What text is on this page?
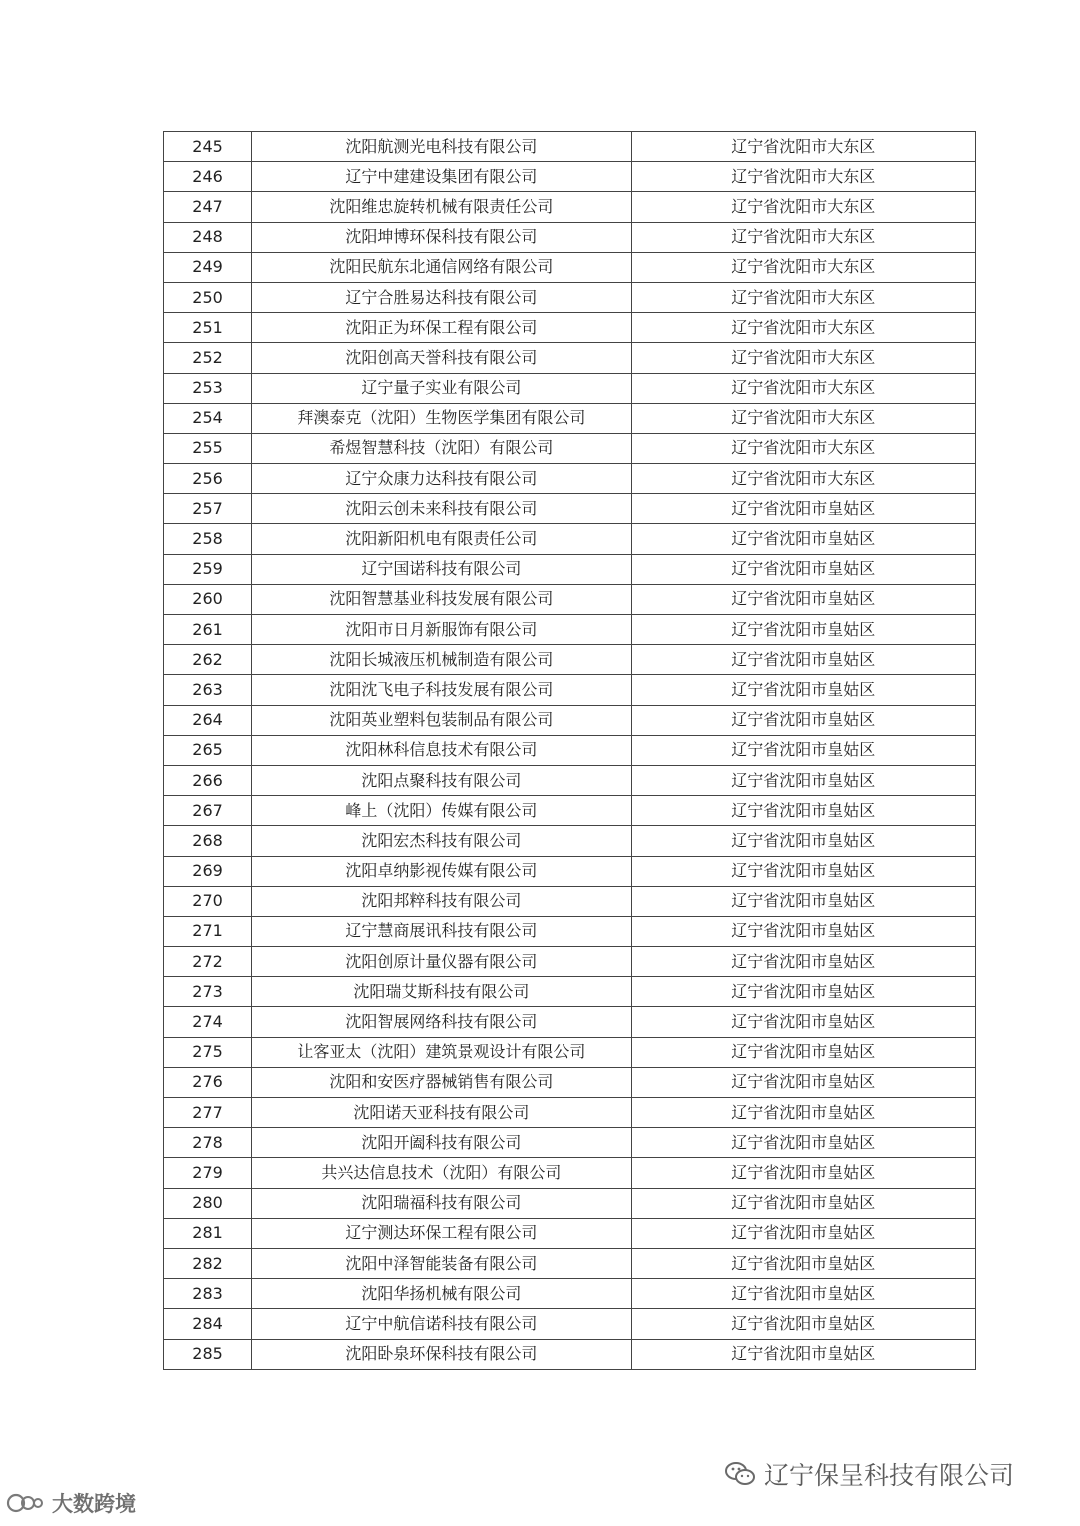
245	沈阳航测光电科技有限公司	辽宁省沈阳市大东区
246	辽宁中建建设集团有限公司	辽宁省沈阳市大东区
247	沈阳维忠旋转机械有限责任公司	辽宁省沈阳市大东区
248	沈阳坤博环保科技有限公司	辽宁省沈阳市大东区
249	沈阳民航东北通信网络有限公司	辽宁省沈阳市大东区
250	辽宁合胜易达科技有限公司	辽宁省沈阳市大东区
251	沈阳正为环保工程有限公司	辽宁省沈阳市大东区
252	沈阳创高天誉科技有限公司	辽宁省沈阳市大东区
253	辽宁量子实业有限公司	辽宁省沈阳市大东区
254	拜澳泰克（沈阳）生物医学集团有限公司	辽宁省沈阳市大东区
255	希煜智慧科技（沈阳）有限公司	辽宁省沈阳市大东区
256	辽宁众康力达科技有限公司	辽宁省沈阳市大东区
257	沈阳云创未来科技有限公司	辽宁省沈阳市皇姑区
258	沈阳新阳机电有限责任公司	辽宁省沈阳市皇姑区
259	辽宁国诺科技有限公司	辽宁省沈阳市皇姑区
260	沈阳智慧基业科技发展有限公司	辽宁省沈阳市皇姑区
261	沈阳市日月新服饰有限公司	辽宁省沈阳市皇姑区
262	沈阳长城液压机械制造有限公司	辽宁省沈阳市皇姑区
263	沈阳沈飞电子科技发展有限公司	辽宁省沈阳市皇姑区
264	沈阳英业塑料包装制品有限公司	辽宁省沈阳市皇姑区
265	沈阳林科信息技术有限公司	辽宁省沈阳市皇姑区
266	沈阳点聚科技有限公司	辽宁省沈阳市皇姑区
267	峰上（沈阳）传媒有限公司	辽宁省沈阳市皇姑区
268	沈阳宏杰科技有限公司	辽宁省沈阳市皇姑区
269	沈阳卓纳影视传媒有限公司	辽宁省沈阳市皇姑区
270	沈阳邦粹科技有限公司	辽宁省沈阳市皇姑区
271	辽宁慧商展讯科技有限公司	辽宁省沈阳市皇姑区
272	沈阳创原计量仪器有限公司	辽宁省沈阳市皇姑区
273	沈阳瑞艾斯科技有限公司	辽宁省沈阳市皇姑区
274	沈阳智展网络科技有限公司	辽宁省沈阳市皇姑区
275	让客亚太（沈阳）建筑景观设计有限公司	辽宁省沈阳市皇姑区
276	沈阳和安医疗器械销售有限公司	辽宁省沈阳市皇姑区
277	沈阳诺天亚科技有限公司	辽宁省沈阳市皇姑区
278	沈阳开阖科技有限公司	辽宁省沈阳市皇姑区
279	共兴达信息技术（沈阳）有限公司	辽宁省沈阳市皇姑区
280	沈阳瑞福科技有限公司	辽宁省沈阳市皇姑区
281	辽宁测达环保工程有限公司	辽宁省沈阳市皇姑区
282	沈阳中泽智能装备有限公司	辽宁省沈阳市皇姑区
283	沈阳华扬机械有限公司	辽宁省沈阳市皇姑区
284	辽宁中航信诺科技有限公司	辽宁省沈阳市皇姑区
285	沈阳卧泉环保科技有限公司	辽宁省沈阳市皇姑区
大数跨境
辽宁保呈科技有限公司
